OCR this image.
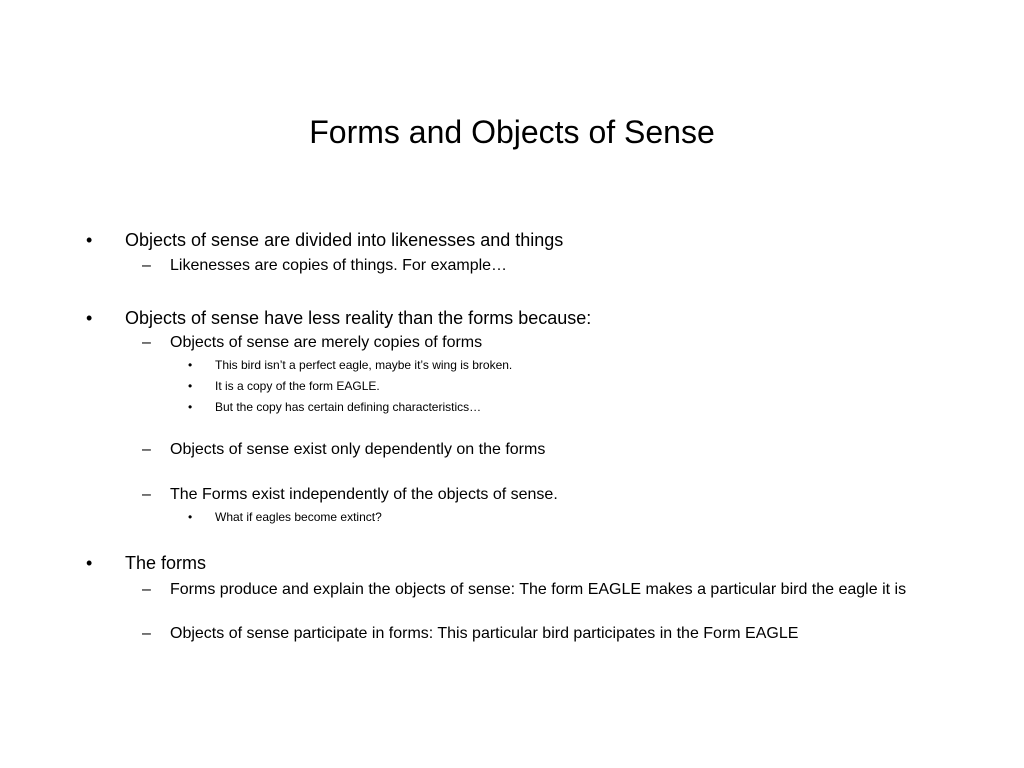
Forms and Objects of Sense
• Objects of sense are divided into likenesses and things
– Likenesses are copies of things. For example…
• Objects of sense have less reality than the forms because:
– Objects of sense are merely copies of forms
• This bird isn’t a perfect eagle, maybe it’s wing is broken.
• It is a copy of the form EAGLE.
• But the copy has certain defining characteristics…
– Objects of sense exist only dependently on the forms
– The Forms exist independently of the objects of sense.
• What if eagles become extinct?
• The forms
– Forms produce and explain the objects of sense: The form EAGLE makes a particular bird the eagle it is
– Objects of sense participate in forms: This particular bird participates in the Form EAGLE
